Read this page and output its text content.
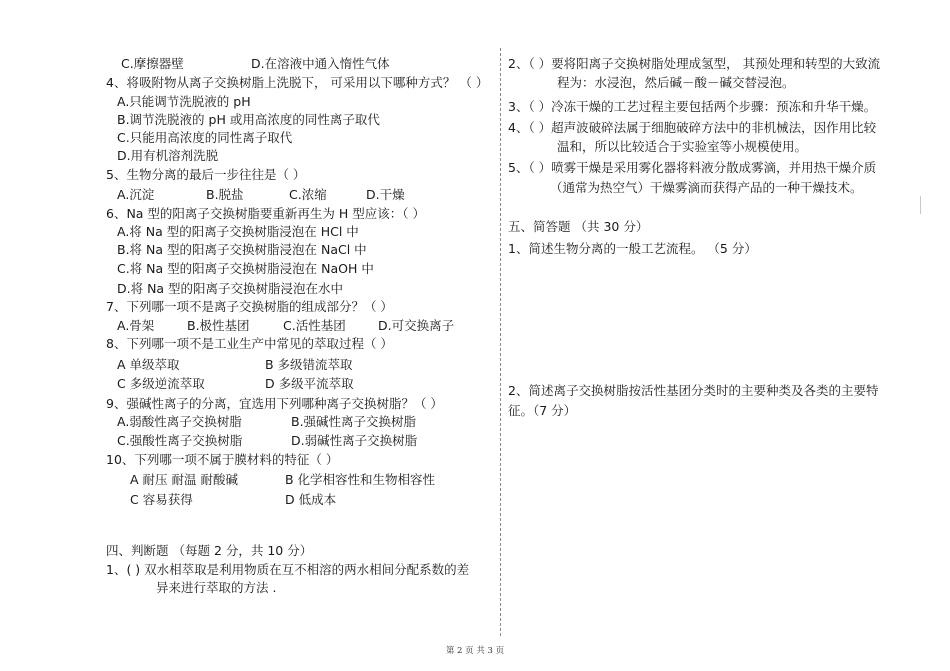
C.摩擦器壁	D.在溶液中通入惰性气体
4、将吸附物从离子交换树脂上洗脱下， 可采用以下哪种方式？ （ ）
A.只能调节洗脱液的 pH
B.调节洗脱液的 pH 或用高浓度的同性离子取代
C.只能用高浓度的同性离子取代
D.用有机溶剂洗脱
5、生物分离的最后一步往往是（ ）
A.沉淀	B.脱盐	C.浓缩	D.干燥
6、Na 型的阳离子交换树脂要重新再生为 H 型应该：（ ）
A.将 Na 型的阳离子交换树脂浸泡在 HCl 中
B.将 Na 型的阳离子交换树脂浸泡在 NaCl 中
C.将 Na 型的阳离子交换树脂浸泡在 NaOH 中
D.将 Na 型的阳离子交换树脂浸泡在水中
7、下列哪一项不是离子交换树脂的组成部分？（ ）
A.骨架	B.极性基团	C.活性基团	D.可交换离子
8、下列哪一项不是工业生产中常见的萃取过程（ ）
A 单级萃取	B 多级错流萃取
C 多级逆流萃取	D 多级平流萃取
9、强碱性离子的分离，宜选用下列哪种离子交换树脂？（ ）
A.弱酸性离子交换树脂	B.强碱性离子交换树脂
C.强酸性离子交换树脂	D.弱碱性离子交换树脂
10、下列哪一项不属于膜材料的特征（ ）
A 耐压 耐温 耐酸碱	B 化学相容性和生物相容性
C 容易获得	D 低成本
四、判断题 （每题 2 分，共 10 分）
1、( ) 双水相萃取是利用物质在互不相溶的两水相间分配系数的差
异来进行萃取的方法 .
2、（ ）要将阳离子交换树脂处理成氢型， 其预处理和转型的大致流
程为：水浸泡，然后碱－酸－碱交替浸泡。
3、（ ）冷冻干燥的工艺过程主要包括两个步骤：预冻和升华干燥。
4、（ ）超声波破碎法属于细胞破碎方法中的非机械法，因作用比较
温和，所以比较适合于实验室等小规模使用。
5、（ ）喷雾干燥是采用雾化器将料液分散成雾滴，并用热干燥介质
（通常为热空气）干燥雾滴而获得产品的一种干燥技术。
五、简答题 （共 30 分）
1、简述生物分离的一般工艺流程。 （5 分）
2、简述离子交换树脂按活性基团分类时的主要种类及各类的主要特
征。（7 分）
第 2 页 共 3 页
